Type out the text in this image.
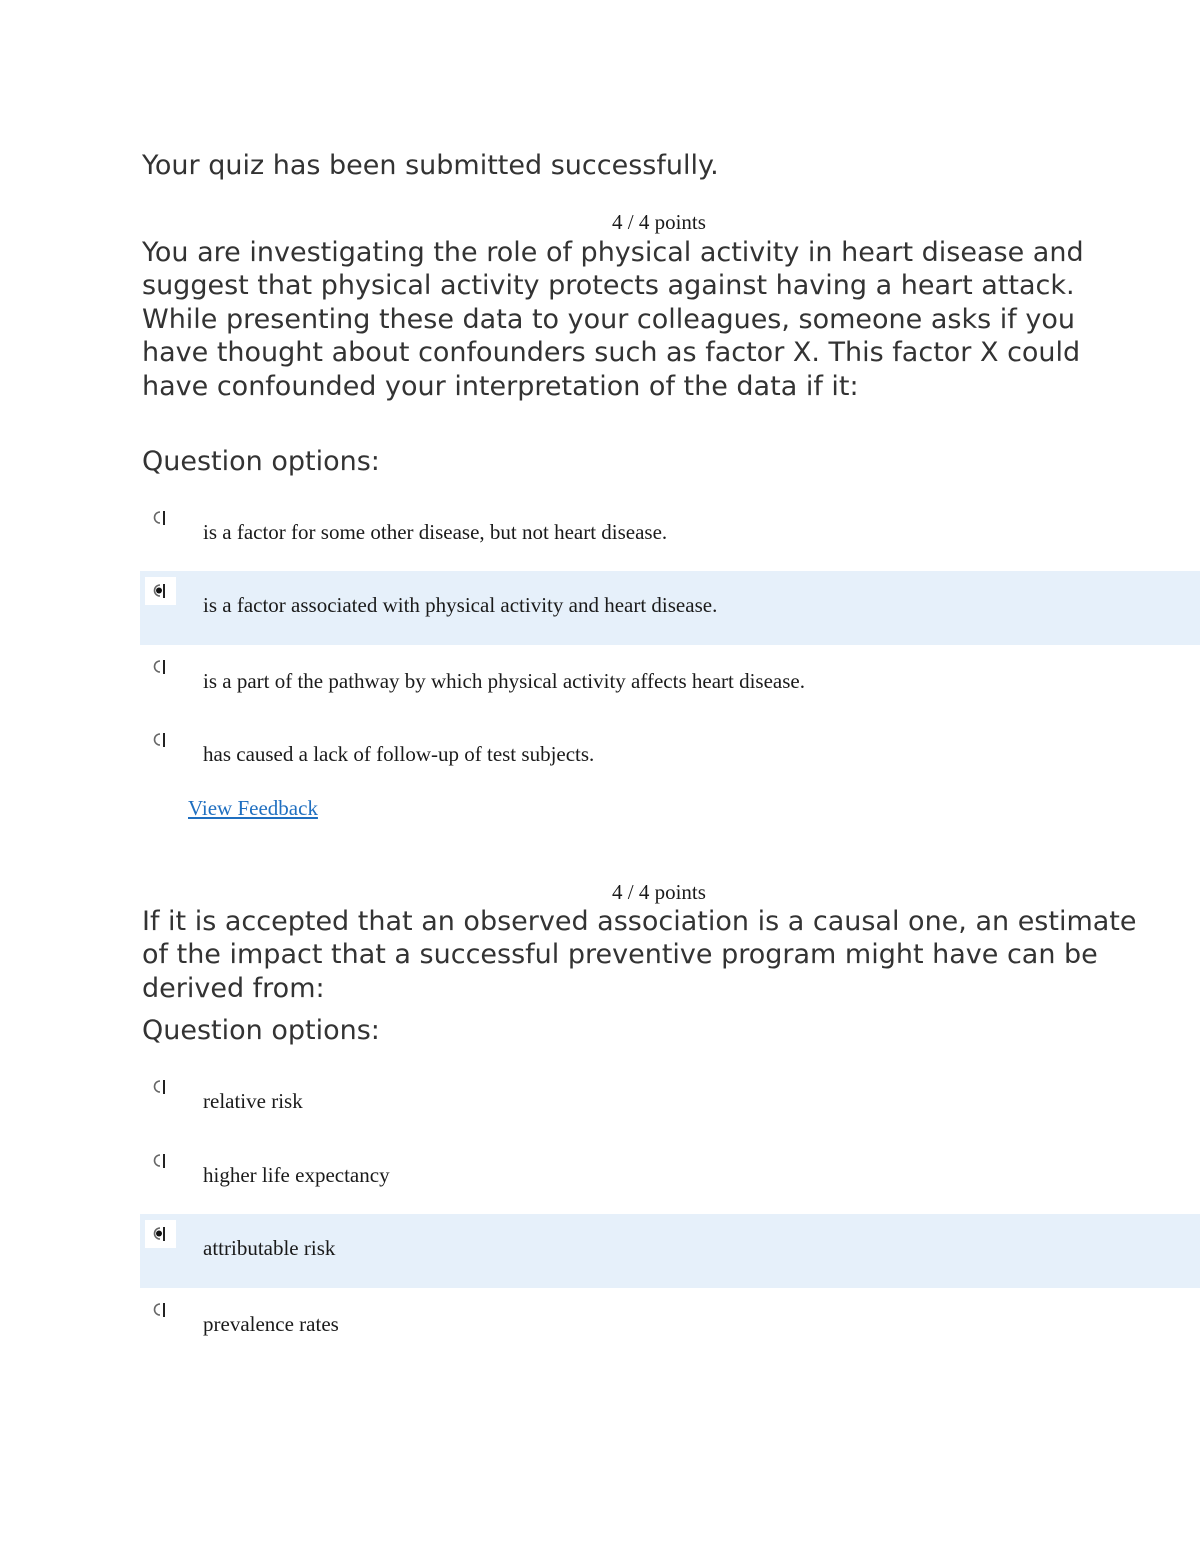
Your quiz has been submitted successfully.
4 / 4 points

You are investigating the role of physical activity in heart disease and suggest that physical activity protects against having a heart attack. While presenting these data to your colleagues, someone asks if you have thought about confounders such as factor X. This factor X could have confounded your interpretation of the data if it:

Question options:
is a factor for some other disease, but not heart disease.
is a factor associated with physical activity and heart disease.
is a part of the pathway by which physical activity affects heart disease.
has caused a lack of follow-up of test subjects.
View Feedback
4 / 4 points

If it is accepted that an observed association is a causal one, an estimate of the impact that a successful preventive program might have can be derived from:

Question options:
relative risk
higher life expectancy
attributable risk
prevalence rates
